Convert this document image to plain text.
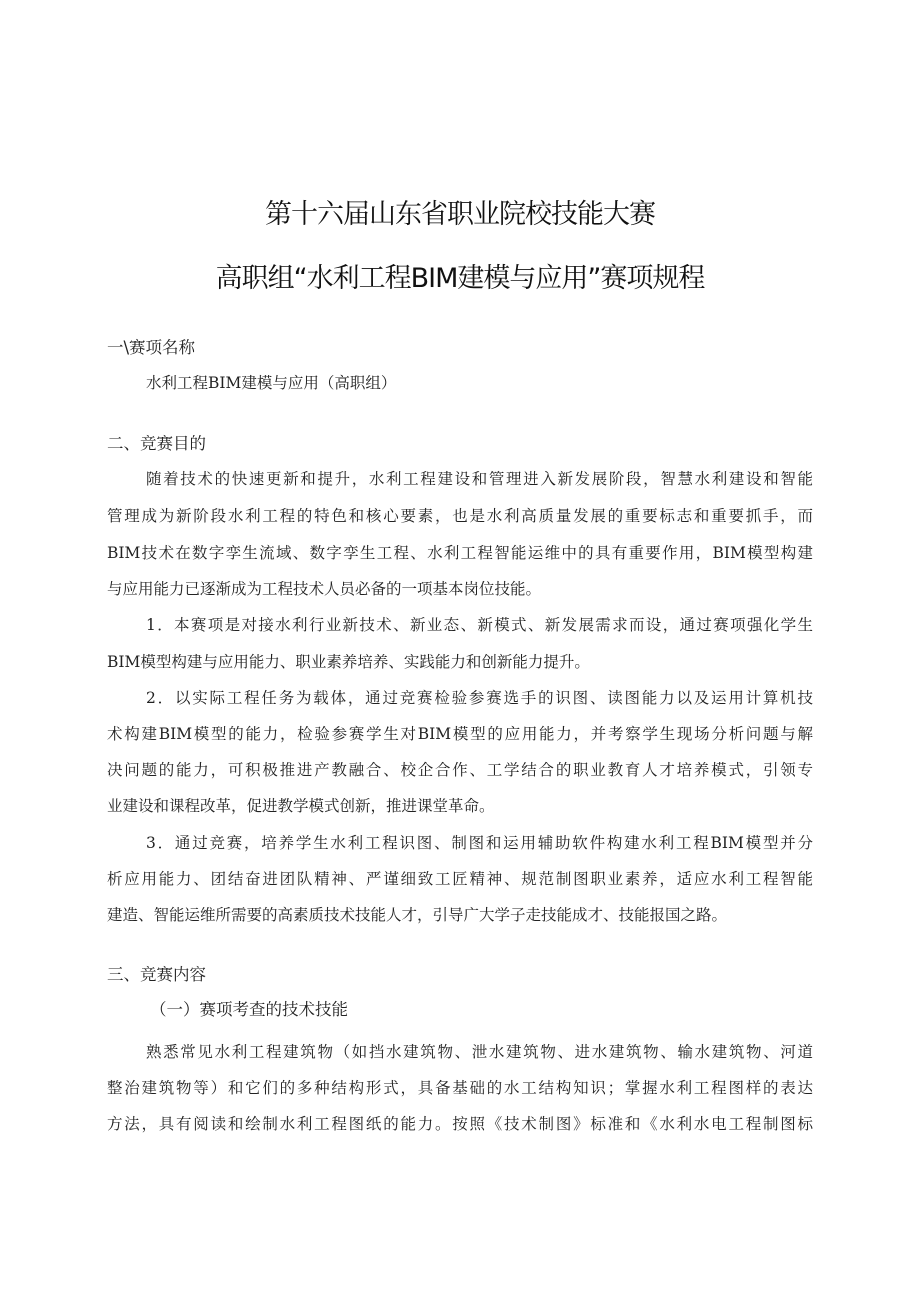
第十六届山东省职业院校技能大赛
高职组“水利工程BIM建模与应用”赛项规程
一\赛项名称
水利工程BIM建模与应用（高职组）
二、竞赛目的
随着技术的快速更新和提升，水利工程建设和管理进入新发展阶段，智慧水利建设和智能
管理成为新阶段水利工程的特色和核心要素，也是水利高质量发展的重要标志和重要抓手，而
BIM技术在数字孪生流域、数字孪生工程、水利工程智能运维中的具有重要作用，BIM模型构建
与应用能力已逐渐成为工程技术人员必备的一项基本岗位技能。
1．本赛项是对接水利行业新技术、新业态、新模式、新发展需求而设，通过赛项强化学生
BIM模型构建与应用能力、职业素养培养、实践能力和创新能力提升。
2．以实际工程任务为载体，通过竞赛检验参赛选手的识图、读图能力以及运用计算机技
术构建BIM模型的能力，检验参赛学生对BIM模型的应用能力，并考察学生现场分析问题与解
决问题的能力，可积极推进产教融合、校企合作、工学结合的职业教育人才培养模式，引领专
业建设和课程改革，促进教学模式创新，推进课堂革命。
3．通过竞赛，培养学生水利工程识图、制图和运用辅助软件构建水利工程BIM模型并分
析应用能力、团结奋进团队精神、严谨细致工匠精神、规范制图职业素养，适应水利工程智能
建造、智能运维所需要的高素质技术技能人才，引导广大学子走技能成才、技能报国之路。
三、竞赛内容
（一）赛项考查的技术技能
熟悉常见水利工程建筑物（如挡水建筑物、泄水建筑物、进水建筑物、输水建筑物、河道
整治建筑物等）和它们的多种结构形式，具备基础的水工结构知识；掌握水利工程图样的表达
方法，具有阅读和绘制水利工程图纸的能力。按照《技术制图》标准和《水利水电工程制图标
